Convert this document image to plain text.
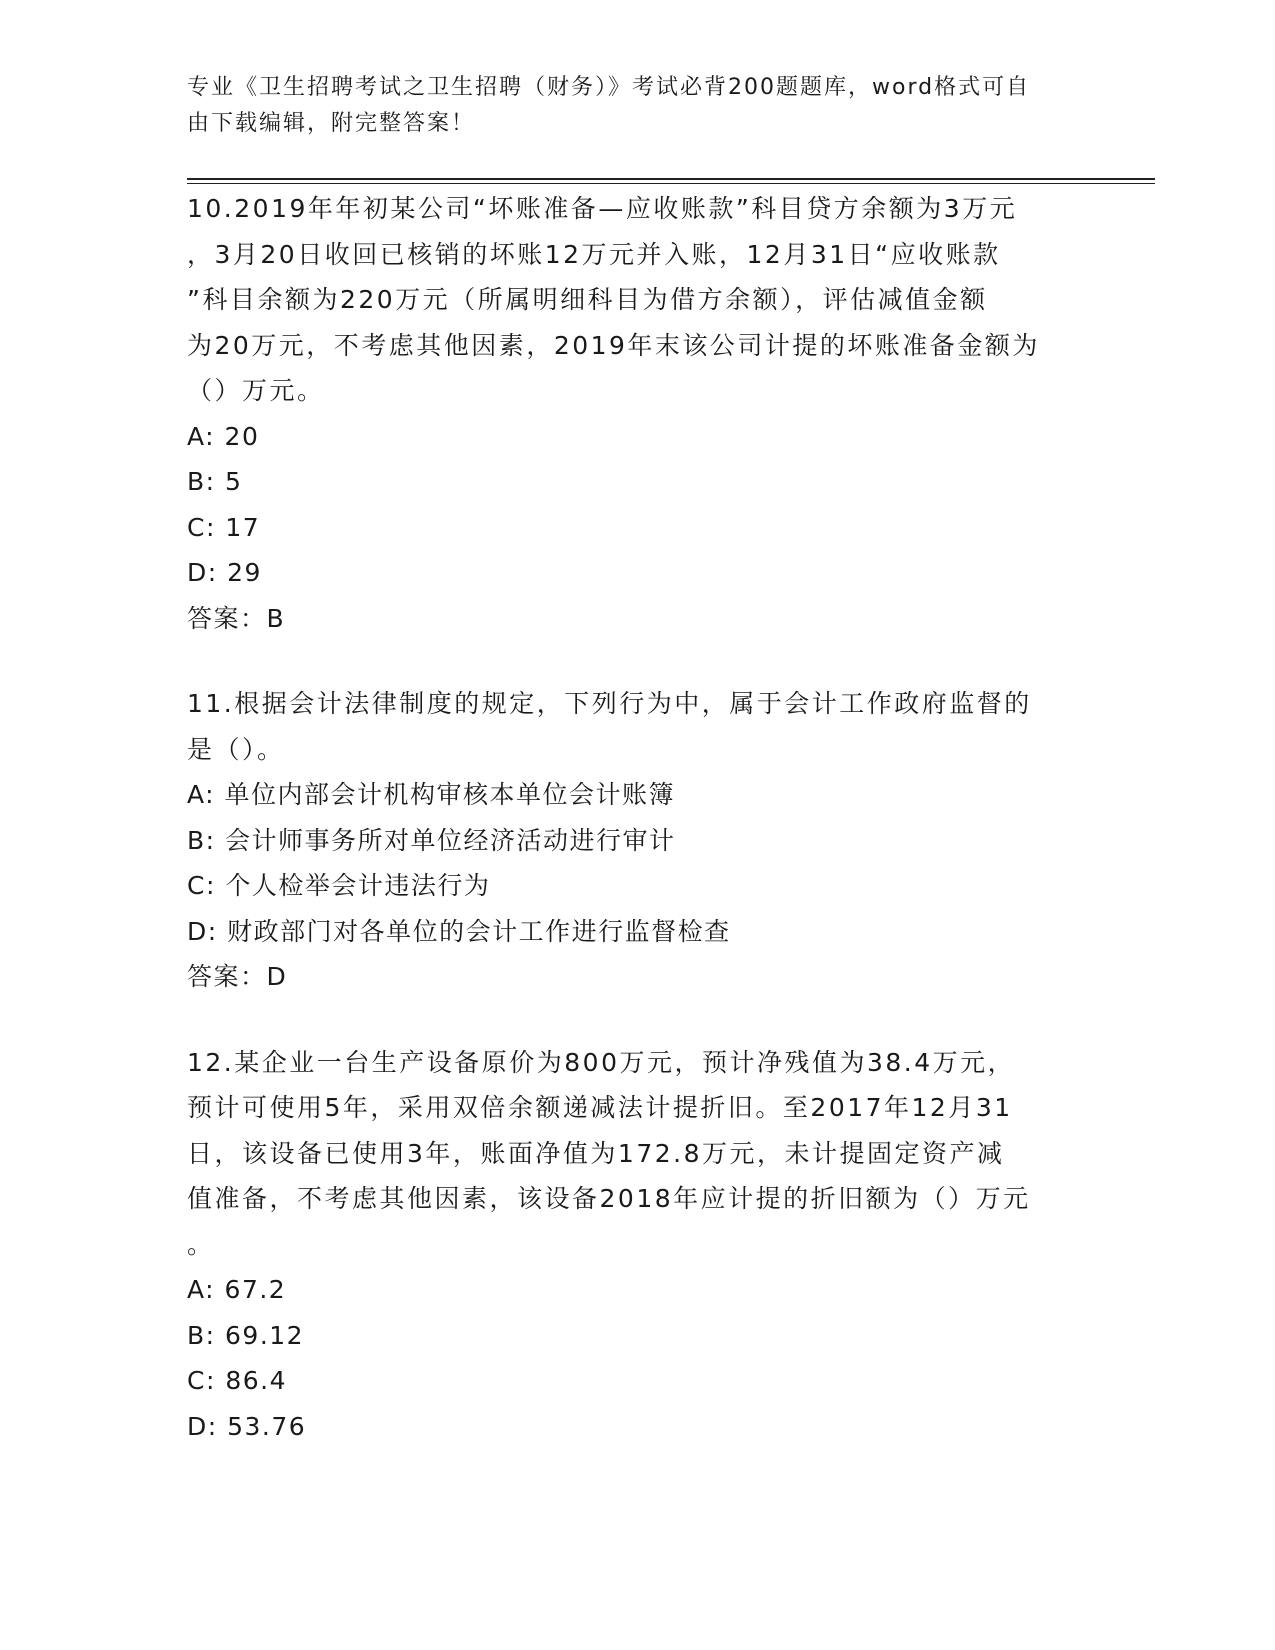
专业《卫生招聘考试之卫生招聘（财务）》考试必背200题题库，word格式可自
由下载编辑，附完整答案！
10.2019年年初某公司“坏账准备—应收账款”科目贷方余额为3万元
，3月20日收回已核销的坏账12万元并入账，12月31日“应收账款
”科目余额为220万元（所属明细科目为借方余额），评估减值金额
为20万元，不考虑其他因素，2019年末该公司计提的坏账准备金额为
（）万元。
A: 20
B: 5
C: 17
D: 29
答案：B
11.根据会计法律制度的规定，下列行为中，属于会计工作政府监督的
是（）。
A: 单位内部会计机构审核本单位会计账簿
B: 会计师事务所对单位经济活动进行审计
C: 个人检举会计违法行为
D: 财政部门对各单位的会计工作进行监督检查
答案：D
12.某企业一台生产设备原价为800万元，预计净残值为38.4万元，
预计可使用5年，采用双倍余额递减法计提折旧。至2017年12月31
日，该设备已使用3年，账面净值为172.8万元，未计提固定资产减
值准备，不考虑其他因素，该设备2018年应计提的折旧额为（）万元
。
A: 67.2
B: 69.12
C: 86.4
D: 53.76
